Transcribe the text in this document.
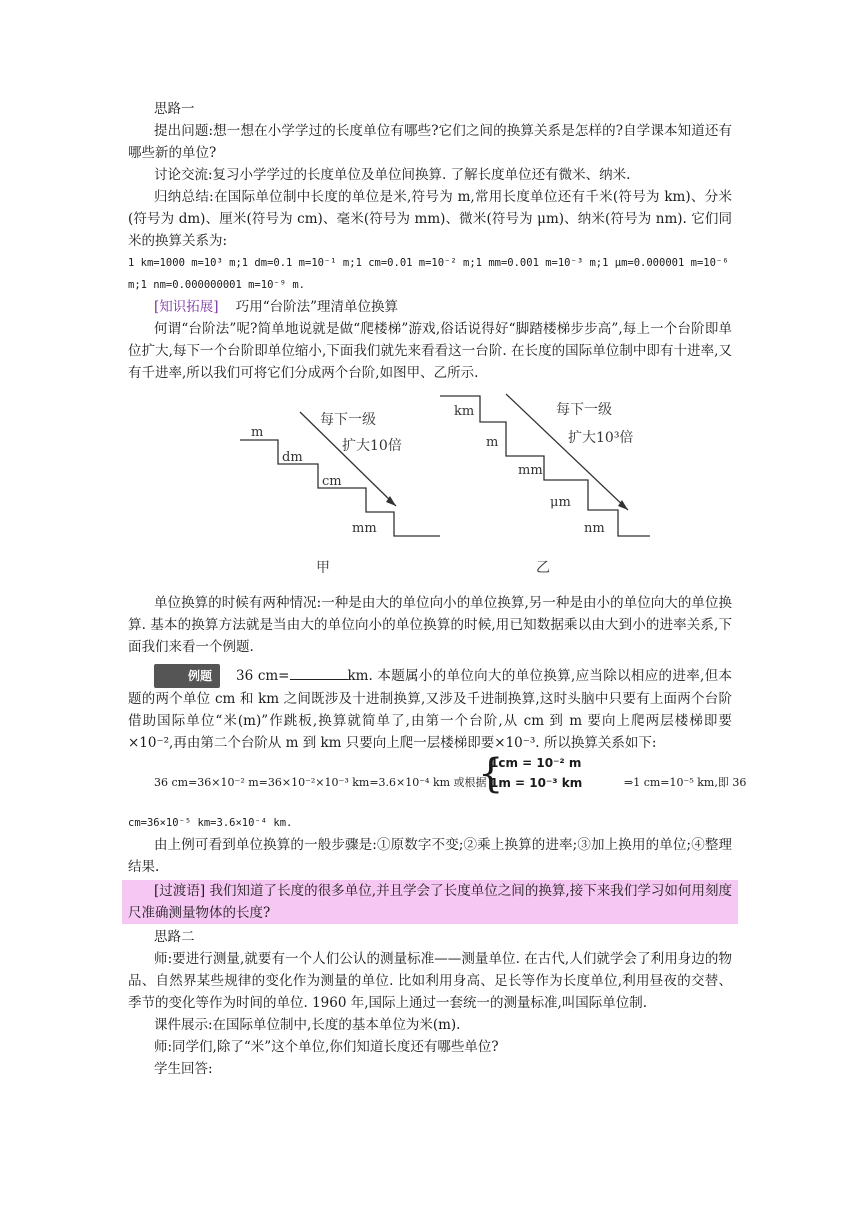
思路一

提出问题:想一想在小学学过的长度单位有哪些?它们之间的换算关系是怎样的?自学课本知道还有哪些新的单位?

讨论交流:复习小学学过的长度单位及单位间换算. 了解长度单位还有微米、纳米.

归纳总结:在国际单位制中长度的单位是米,符号为 m,常用长度单位还有千米(符号为 km)、分米(符号为 dm)、厘米(符号为 cm)、毫米(符号为 mm)、微米(符号为 μm)、纳米(符号为 nm). 它们同米的换算关系为:

1 km=1000 m=10³ m;1 dm=0.1 m=10⁻¹ m;1 cm=0.01 m=10⁻² m;1 mm=0.001 m=10⁻³ m;1 μm=0.000001 m=10⁻⁶

m;1 nm=0.000000001 m=10⁻⁹ m.

[知识拓展] 巧用“台阶法”理清单位换算

何谓“台阶法”呢?简单地说就是做“爬楼梯”游戏,俗话说得好“脚踏楼梯步步高”,每上一个台阶即单位扩大,每下一个台阶即单位缩小,下面我们就先来看看这一台阶. 在长度的国际单位制中即有十进率,又有千进率,所以我们可将它们分成两个台阶,如图甲、乙所示.

m
dm
cm
mm
每下一级
扩大10倍
甲
km
m
mm
μm
nm
每下一级
扩大10³倍
乙

单位换算的时候有两种情况:一种是由大的单位向小的单位换算,另一种是由小的单位向大的单位换算. 基本的换算方法就是当由大的单位向小的单位换算的时候,用已知数据乘以由大到小的进率关系,下面我们来看一个例题.

例题 36 cm=	km. 本题属小的单位向大的单位换算,应当除以相应的进率,但本题的两个单位 cm 和 km 之间既涉及十进制换算,又涉及千进制换算,这时头脑中只要有上面两个台阶借助国际单位“米(m)”作跳板,换算就简单了,由第一个台阶,从 cm 到 m 要向上爬两层楼梯即要×10⁻²,再由第二个台阶从 m 到 km 只要向上爬一层楼梯即要×10⁻³. 所以换算关系如下:

36 cm=36×10⁻² m=36×10⁻²×10⁻³ km=3.6×10⁻⁴ km 或根据
{
1cm = 10⁻² m
1m = 10⁻³ km	⇒1 cm=10⁻⁵ km,即 36

cm=36×10⁻⁵ km=3.6×10⁻⁴ km.

由上例可看到单位换算的一般步骤是:①原数字不变;②乘上换算的进率;③加上换用的单位;④整理结果.

[过渡语] 我们知道了长度的很多单位,并且学会了长度单位之间的换算,接下来我们学习如何用刻度尺准确测量物体的长度?

思路二

师:要进行测量,就要有一个人们公认的测量标准——测量单位. 在古代,人们就学会了利用身边的物品、自然界某些规律的变化作为测量的单位. 比如利用身高、足长等作为长度单位,利用昼夜的交替、季节的变化等作为时间的单位. 1960 年,国际上通过一套统一的测量标准,叫国际单位制.

课件展示:在国际单位制中,长度的基本单位为米(m).

师:同学们,除了“米”这个单位,你们知道长度还有哪些单位?

学生回答:
